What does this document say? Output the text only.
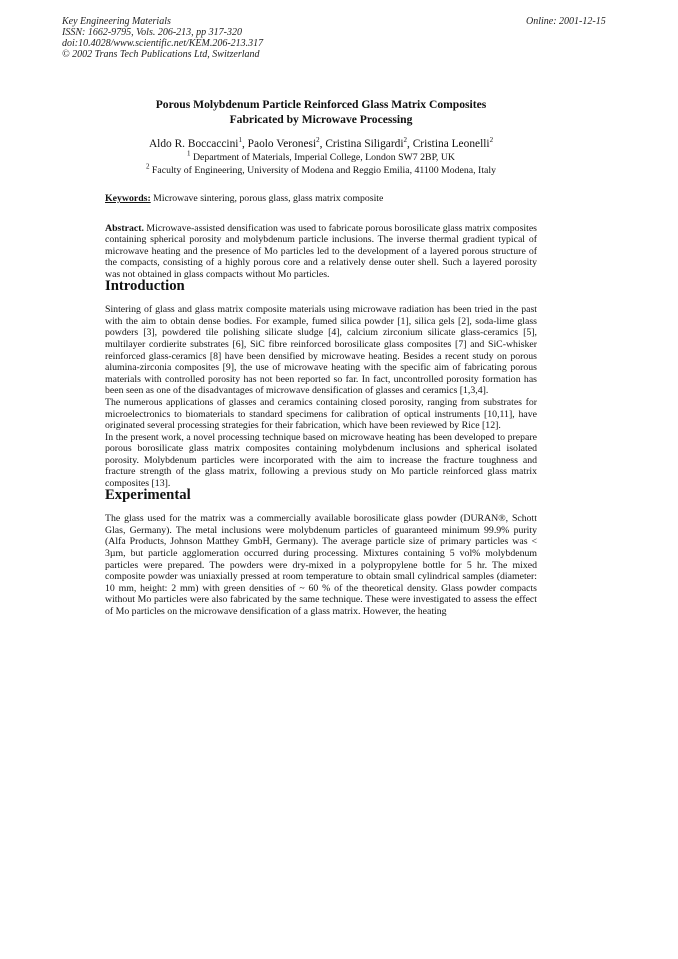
Key Engineering Materials
ISSN: 1662-9795, Vols. 206-213, pp 317-320
doi:10.4028/www.scientific.net/KEM.206-213.317
© 2002 Trans Tech Publications Ltd, Switzerland
Online: 2001-12-15
Porous Molybdenum Particle Reinforced Glass Matrix Composites
Fabricated by Microwave Processing
Aldo R. Boccaccini$^1$, Paolo Veronesi$^2$, Cristina Siligardi$^2$, Cristina Leonelli$^2$
$^1$ Department of Materials, Imperial College, London SW7 2BP, UK
$^2$ Faculty of Engineering, University of Modena and Reggio Emilia, 41100 Modena, Italy
Keywords: Microwave sintering, porous glass, glass matrix composite

Abstract. Microwave-assisted densification was used to fabricate porous borosilicate glass matrix composites containing spherical porosity and molybdenum particle inclusions. The inverse thermal gradient typical of microwave heating and the presence of Mo particles led to the development of a layered porous structure of the compacts, consisting of a highly porous core and a relatively dense outer shell. Such a layered porosity was not obtained in glass compacts without Mo particles.

Introduction

Sintering of glass and glass matrix composite materials using microwave radiation has been tried in the past with the aim to obtain dense bodies. For example, fumed silica powder [1], silica gels [2], soda-lime glass powders [3], powdered tile polishing silicate sludge [4], calcium zirconium silicate glass-ceramics [5], multilayer cordierite substrates [6], SiC fibre reinforced borosilicate glass composites [7] and SiC-whisker reinforced glass-ceramics [8] have been densified by microwave heating. Besides a recent study on porous alumina-zirconia composites [9], the use of microwave heating with the specific aim of fabricating porous materials with controlled porosity has not been reported so far. In fact, uncontrolled porosity formation has been seen as one of the disadvantages of microwave densification of glasses and ceramics [1,3,4].

The numerous applications of glasses and ceramics containing closed porosity, ranging from substrates for microelectronics to biomaterials to standard specimens for calibration of optical instruments [10,11], have originated several processing strategies for their fabrication, which have been reviewed by Rice [12].

In the present work, a novel processing technique based on microwave heating has been developed to prepare porous borosilicate glass matrix composites containing molybdenum inclusions and spherical isolated porosity. Molybdenum particles were incorporated with the aim to increase the fracture toughness and fracture strength of the glass matrix, following a previous study on Mo particle reinforced glass matrix composites [13].

Experimental

The glass used for the matrix was a commercially available borosilicate glass powder (DURAN®, Schott Glas, Germany). The metal inclusions were molybdenum particles of guaranteed minimum 99.9% purity (Alfa Products, Johnson Matthey GmbH, Germany). The average particle size of primary particles was < 3µm, but particle agglomeration occurred during processing. Mixtures containing 5 vol% molybdenum particles were prepared. The powders were dry-mixed in a polypropylene bottle for 5 hr. The mixed composite powder was uniaxially pressed at room temperature to obtain small cylindrical samples (diameter: 10 mm, height: 2 mm) with green densities of ~ 60 % of the theoretical density. Glass powder compacts without Mo particles were also fabricated by the same technique. These were investigated to assess the effect of Mo particles on the microwave densification of a glass matrix. However, the heating
